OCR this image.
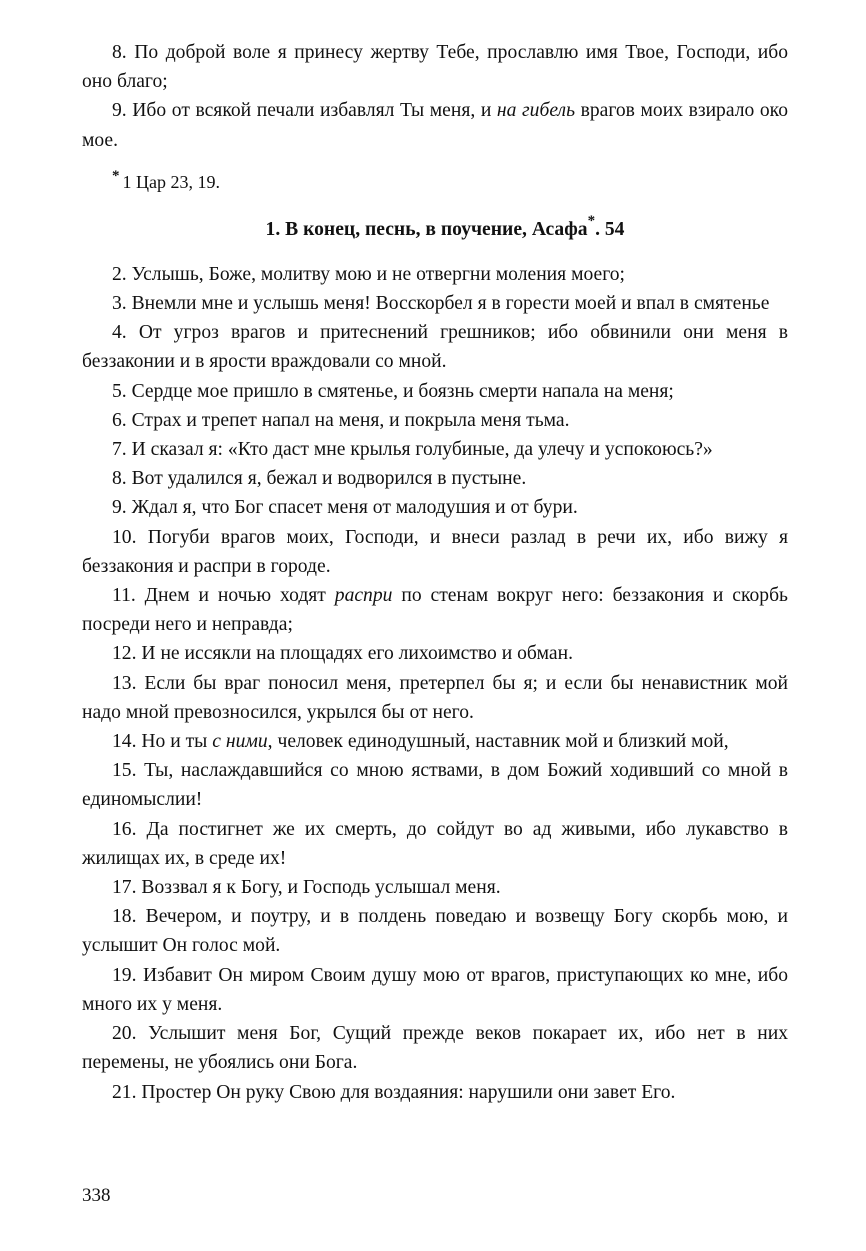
8. По доброй воле я принесу жертву Тебе, прославлю имя Твое, Господи, ибо оно благо;

9. Ибо от всякой печали избавлял Ты меня, и на гибель врагов моих взирало око мое.

* 1 Цар 23, 19.

1. В конец, песнь, в поучение, Асафа*. 54

2. Услышь, Боже, молитву мою и не отвергни моления моего;

3. Внемли мне и услышь меня! Восскорбел я в горести моей и впал в смятенье

4. От угроз врагов и притеснений грешников; ибо обвинили они меня в беззаконии и в ярости враждовали со мной.

5. Сердце мое пришло в смятенье, и боязнь смерти напала на меня;

6. Страх и трепет напал на меня, и покрыла меня тьма.

7. И сказал я: «Кто даст мне крылья голубиные, да улечу и успокоюсь?»

8. Вот удалился я, бежал и водворился в пустыне.

9. Ждал я, что Бог спасет меня от малодушия и от бури.

10. Погуби врагов моих, Господи, и внеси разлад в речи их, ибо вижу я беззакония и распри в городе.

11. Днем и ночью ходят распри по стенам вокруг него: беззакония и скорбь посреди него и неправда;

12. И не иссякли на площадях его лихоимство и обман.

13. Если бы враг поносил меня, претерпел бы я; и если бы ненавистник мой надо мной превозносился, укрылся бы от него.

14. Но и ты с ними, человек единодушный, наставник мой и близкий мой,

15. Ты, наслаждавшийся со мною яствами, в дом Божий ходивший со мной в единомыслии!

16. Да постигнет же их смерть, до сойдут во ад живыми, ибо лукавство в жилищах их, в среде их!

17. Воззвал я к Богу, и Господь услышал меня.

18. Вечером, и поутру, и в полдень поведаю и возвещу Богу скорбь мою, и услышит Он голос мой.

19. Избавит Он миром Своим душу мою от врагов, приступающих ко мне, ибо много их у меня.

20. Услышит меня Бог, Сущий прежде веков покарает их, ибо нет в них перемены, не убоялись они Бога.

21. Простер Он руку Свою для воздаяния: нарушили они завет Его.

338
